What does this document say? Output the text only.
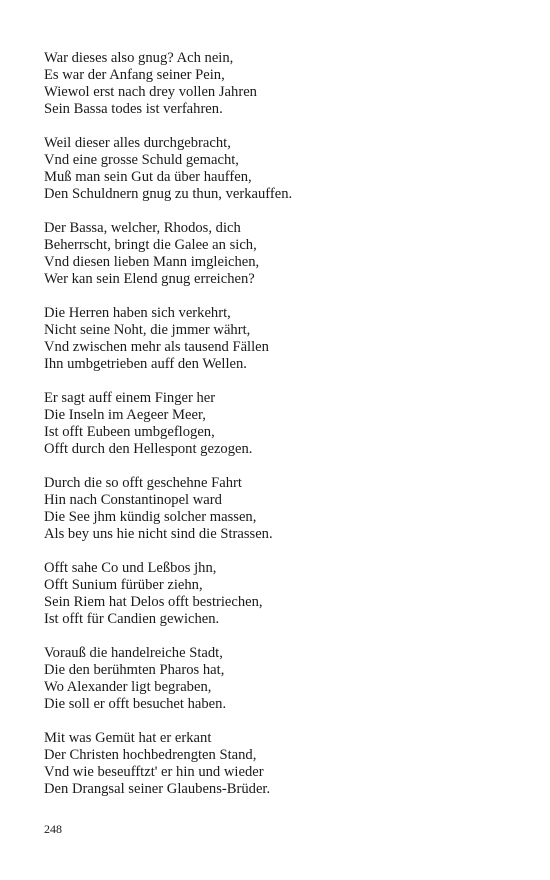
War dieses also gnug? Ach nein,
Es war der Anfang seiner Pein,
Wiewol erst nach drey vollen Jahren
Sein Bassa todes ist verfahren.
Weil dieser alles durchgebracht,
Vnd eine grosse Schuld gemacht,
Muß man sein Gut da über hauffen,
Den Schuldnern gnug zu thun, verkauffen.
Der Bassa, welcher, Rhodos, dich
Beherrscht, bringt die Galee an sich,
Vnd diesen lieben Mann imgleichen,
Wer kan sein Elend gnug erreichen?
Die Herren haben sich verkehrt,
Nicht seine Noht, die jmmer währt,
Vnd zwischen mehr als tausend Fällen
Ihn umbgetrieben auff den Wellen.
Er sagt auff einem Finger her
Die Inseln im Aegeer Meer,
Ist offt Eubeen umbgeflogen,
Offt durch den Hellespont gezogen.
Durch die so offt geschehne Fahrt
Hin nach Constantinopel ward
Die See jhm kündig solcher massen,
Als bey uns hie nicht sind die Strassen.
Offt sahe Co und Leßbos jhn,
Offt Sunium fürüber ziehn,
Sein Riem hat Delos offt bestriechen,
Ist offt für Candien gewichen.
Vorauß die handelreiche Stadt,
Die den berühmten Pharos hat,
Wo Alexander ligt begraben,
Die soll er offt besuchet haben.
Mit was Gemüt hat er erkant
Der Christen hochbedrengten Stand,
Vnd wie beseufftzt' er hin und wieder
Den Drangsal seiner Glaubens-Brüder.
248
